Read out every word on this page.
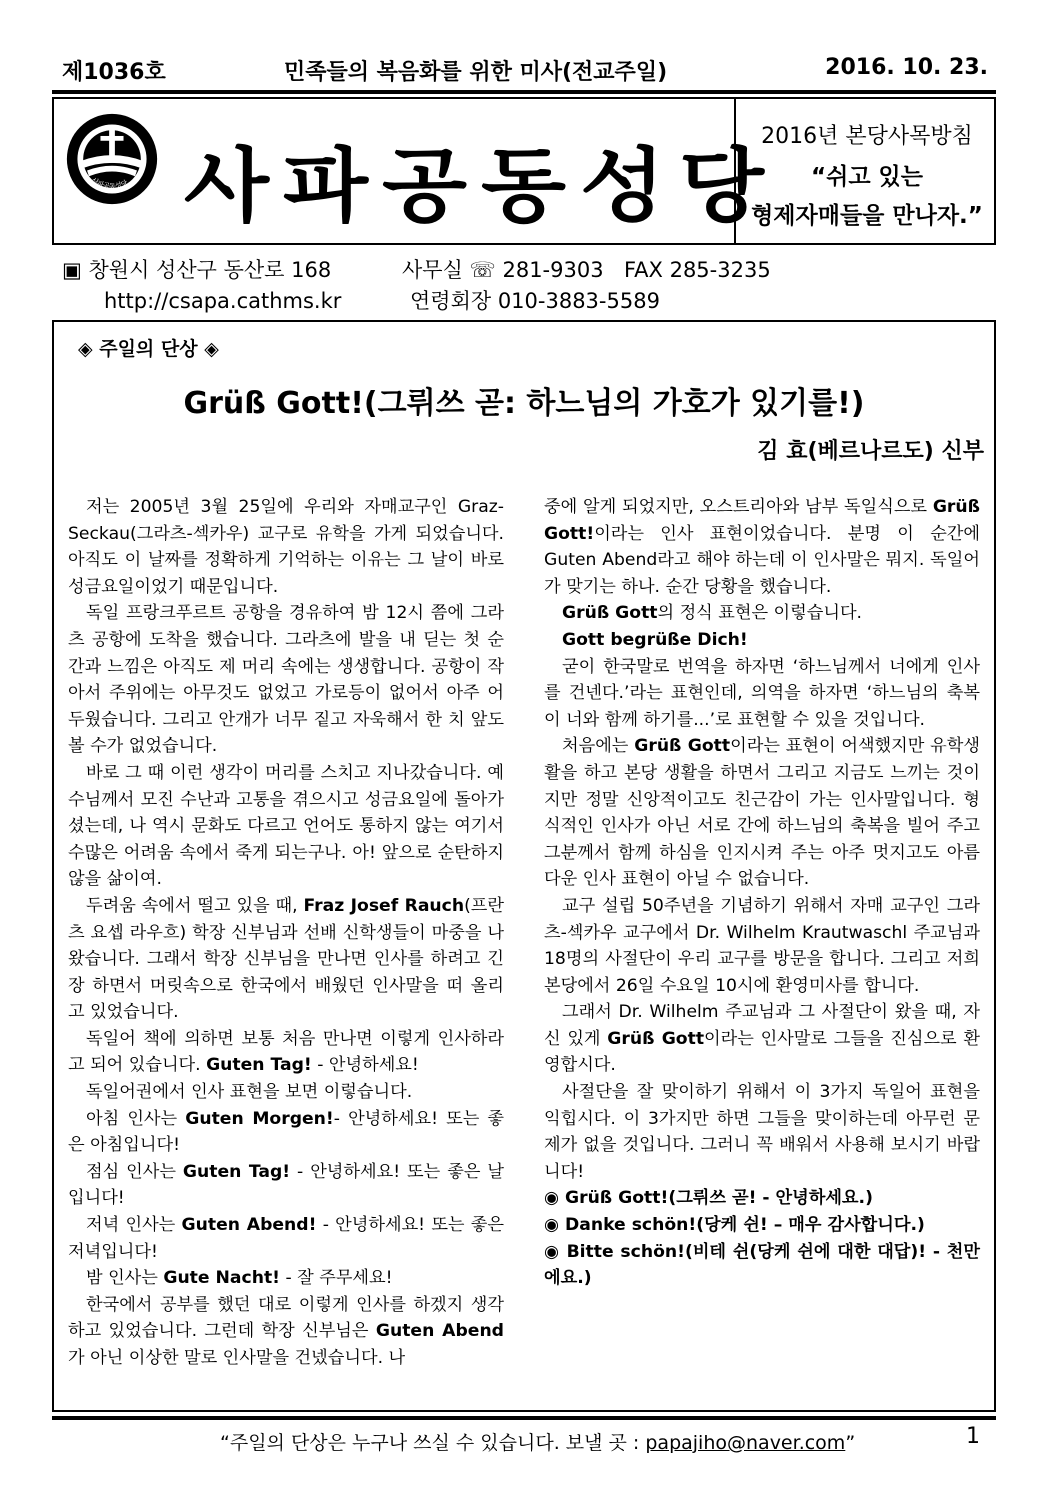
제1036호	민족들의 복음화를 위한 미사(전교주일)	2016. 10. 23.
사파공동성당 사파공동성당
2016년 본당사목방침
“쉬고 있는
형제자매들을 만나자.”
▣ 창원시 성산구 동산로 168	사무실 ☏ 281-9303 FAX 285-3235
http://csapa.cathms.kr	연령회장 010-3883-5589
◈ 주일의 단상 ◈
Grüß Gott!(그뤼쓰 곧: 하느님의 가호가 있기를!)
김 효(베르나르도) 신부

저는 2005년 3월 25일에 우리와 자매교구인 Graz-Seckau(그라츠-섹카우) 교구로 유학을 가게 되었습니다. 아직도 이 날짜를 정확하게 기억하는 이유는 그 날이 바로 성금요일이었기 때문입니다.

독일 프랑크푸르트 공항을 경유하여 밤 12시 쯤에 그라츠 공항에 도착을 했습니다. 그라츠에 발을 내 딛는 첫 순간과 느낌은 아직도 제 머리 속에는 생생합니다. 공항이 작아서 주위에는 아무것도 없었고 가로등이 없어서 아주 어두웠습니다. 그리고 안개가 너무 짙고 자욱해서 한 치 앞도 볼 수가 없었습니다.

바로 그 때 이런 생각이 머리를 스치고 지나갔습니다. 예수님께서 모진 수난과 고통을 겪으시고 성금요일에 돌아가셨는데, 나 역시 문화도 다르고 언어도 통하지 않는 여기서 수많은 어려움 속에서 죽게 되는구나. 아! 앞으로 순탄하지 않을 삶이여.

두려움 속에서 떨고 있을 때, Fraz Josef Rauch(프란츠 요셉 라우흐) 학장 신부님과 선배 신학생들이 마중을 나왔습니다. 그래서 학장 신부님을 만나면 인사를 하려고 긴장 하면서 머릿속으로 한국에서 배웠던 인사말을 떠 올리고 있었습니다.

독일어 책에 의하면 보통 처음 만나면 이렇게 인사하라고 되어 있습니다. Guten Tag! - 안녕하세요!

독일어권에서 인사 표현을 보면 이렇습니다.

아침 인사는 Guten Morgen!- 안녕하세요! 또는 좋은 아침입니다!

점심 인사는 Guten Tag! - 안녕하세요! 또는 좋은 날입니다!

저녁 인사는 Guten Abend! - 안녕하세요! 또는 좋은 저녁입니다!

밤 인사는 Gute Nacht! - 잘 주무세요!

한국에서 공부를 했던 대로 이렇게 인사를 하겠지 생각하고 있었습니다. 그런데 학장 신부님은 Guten Abend가 아닌 이상한 말로 인사말을 건넸습니다. 나

중에 알게 되었지만, 오스트리아와 남부 독일식으로 Grüß Gott!이라는 인사 표현이었습니다. 분명 이 순간에 Guten Abend라고 해야 하는데 이 인사말은 뭐지. 독일어가 맞기는 하나. 순간 당황을 했습니다.

Grüß Gott의 정식 표현은 이렇습니다.

Gott begrüße Dich!

굳이 한국말로 번역을 하자면 ‘하느님께서 너에게 인사를 건넨다.’라는 표현인데, 의역을 하자면 ‘하느님의 축복이 너와 함께 하기를...’로 표현할 수 있을 것입니다.

처음에는 Grüß Gott이라는 표현이 어색했지만 유학생활을 하고 본당 생활을 하면서 그리고 지금도 느끼는 것이지만 정말 신앙적이고도 친근감이 가는 인사말입니다. 형식적인 인사가 아닌 서로 간에 하느님의 축복을 빌어 주고 그분께서 함께 하심을 인지시켜 주는 아주 멋지고도 아름다운 인사 표현이 아닐 수 없습니다.

교구 설립 50주년을 기념하기 위해서 자매 교구인 그라츠-섹카우 교구에서 Dr. Wilhelm Krautwaschl 주교님과 18명의 사절단이 우리 교구를 방문을 합니다. 그리고 저희 본당에서 26일 수요일 10시에 환영미사를 합니다.

그래서 Dr. Wilhelm 주교님과 그 사절단이 왔을 때, 자신 있게 Grüß Gott이라는 인사말로 그들을 진심으로 환영합시다.

사절단을 잘 맞이하기 위해서 이 3가지 독일어 표현을 익힙시다. 이 3가지만 하면 그들을 맞이하는데 아무런 문제가 없을 것입니다. 그러니 꼭 배워서 사용해 보시기 바랍니다!

◉ Grüß Gott!(그뤼쓰 곧! - 안녕하세요.)

◉ Danke schön!(당케 쉰! – 매우 감사합니다.)

◉ Bitte schön!(비테 쉰(당케 쉰에 대한 대답)! - 천만에요.)

“주일의 단상은 누구나 쓰실 수 있습니다. 보낼 곳 : papajiho@naver.com”	1
